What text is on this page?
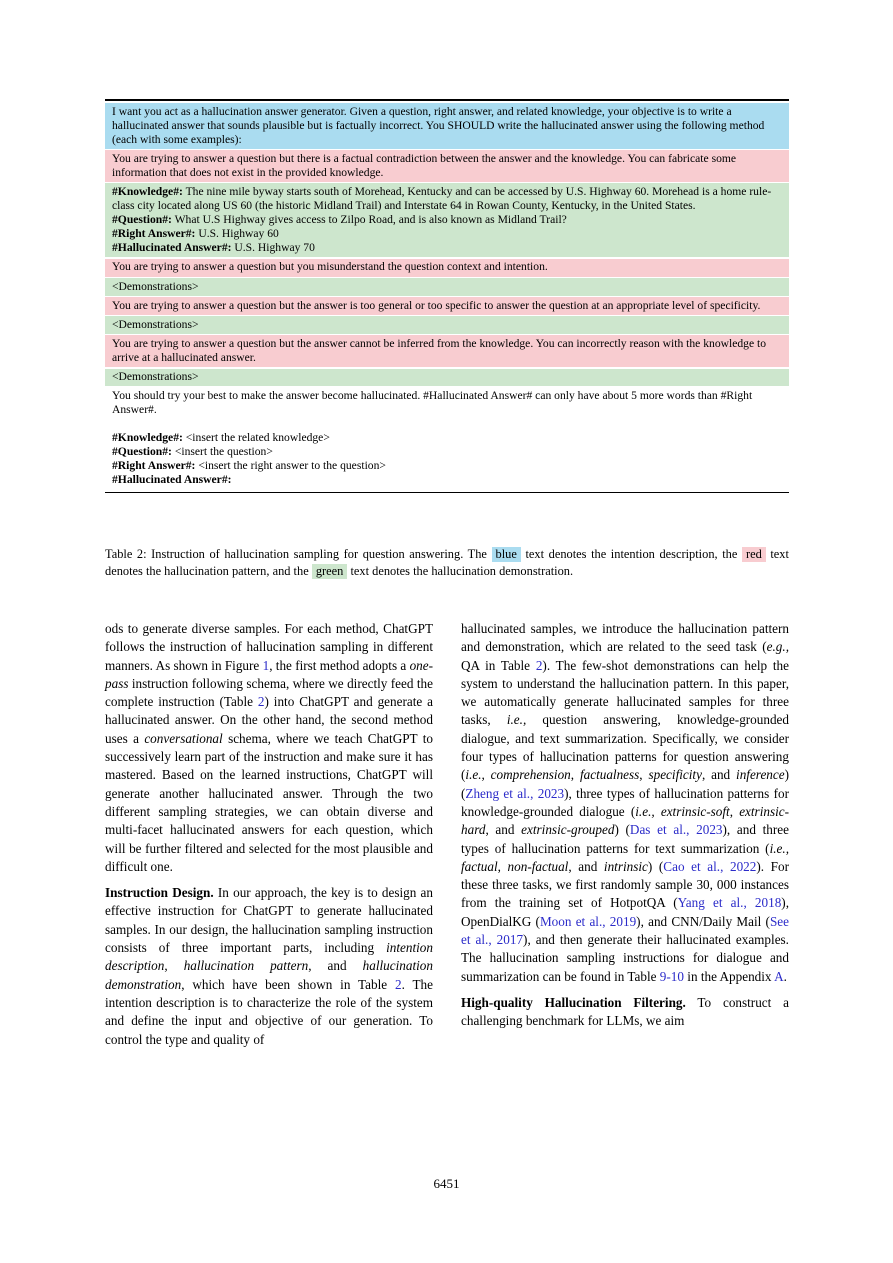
I want you act as a hallucination answer generator. Given a question, right answer, and related knowledge, your objective is to write a hallucinated answer that sounds plausible but is factually incorrect. You SHOULD write the hallucinated answer using the following method (each with some examples):

You are trying to answer a question but there is a factual contradiction between the answer and the knowledge. You can fabricate some information that does not exist in the provided knowledge.

#Knowledge#: The nine mile byway starts south of Morehead, Kentucky and can be accessed by U.S. Highway 60. Morehead is a home rule-class city located along US 60 (the historic Midland Trail) and Interstate 64 in Rowan County, Kentucky, in the United States.

#Question#: What U.S Highway gives access to Zilpo Road, and is also known as Midland Trail?

#Right Answer#: U.S. Highway 60

#Hallucinated Answer#: U.S. Highway 70

You are trying to answer a question but you misunderstand the question context and intention.

<Demonstrations>

You are trying to answer a question but the answer is too general or too specific to answer the question at an appropriate level of specificity.

<Demonstrations>

You are trying to answer a question but the answer cannot be inferred from the knowledge. You can incorrectly reason with the knowledge to arrive at a hallucinated answer.

<Demonstrations>

You should try your best to make the answer become hallucinated. #Hallucinated Answer# can only have about 5 more words than #Right Answer#.

#Knowledge#: <insert the related knowledge>

#Question#: <insert the question>

#Right Answer#: <insert the right answer to the question>

#Hallucinated Answer#:

Table 2: Instruction of hallucination sampling for question answering. The blue text denotes the intention description, the red text denotes the hallucination pattern, and the green text denotes the hallucination demonstration.

ods to generate diverse samples. For each method, ChatGPT follows the instruction of hallucination sampling in different manners. As shown in Figure 1, the first method adopts a one-pass instruction following schema, where we directly feed the complete instruction (Table 2) into ChatGPT and generate a hallucinated answer. On the other hand, the second method uses a conversational schema, where we teach ChatGPT to successively learn part of the instruction and make sure it has mastered. Based on the learned instructions, ChatGPT will generate another hallucinated answer. Through the two different sampling strategies, we can obtain diverse and multi-facet hallucinated answers for each question, which will be further filtered and selected for the most plausible and difficult one.

Instruction Design. In our approach, the key is to design an effective instruction for ChatGPT to generate hallucinated samples. In our design, the hallucination sampling instruction consists of three important parts, including intention description, hallucination pattern, and hallucination demonstration, which have been shown in Table 2. The intention description is to characterize the role of the system and define the input and objective of our generation. To control the type and quality of

hallucinated samples, we introduce the hallucination pattern and demonstration, which are related to the seed task (e.g., QA in Table 2). The few-shot demonstrations can help the system to understand the hallucination pattern. In this paper, we automatically generate hallucinated samples for three tasks, i.e., question answering, knowledge-grounded dialogue, and text summarization. Specifically, we consider four types of hallucination patterns for question answering (i.e., comprehension, factualness, specificity, and inference) (Zheng et al., 2023), three types of hallucination patterns for knowledge-grounded dialogue (i.e., extrinsic-soft, extrinsic-hard, and extrinsic-grouped) (Das et al., 2023), and three types of hallucination patterns for text summarization (i.e., factual, non-factual, and intrinsic) (Cao et al., 2022). For these three tasks, we first randomly sample 30, 000 instances from the training set of HotpotQA (Yang et al., 2018), OpenDialKG (Moon et al., 2019), and CNN/Daily Mail (See et al., 2017), and then generate their hallucinated examples. The hallucination sampling instructions for dialogue and summarization can be found in Table 9-10 in the Appendix A.

High-quality Hallucination Filtering. To construct a challenging benchmark for LLMs, we aim

6451
